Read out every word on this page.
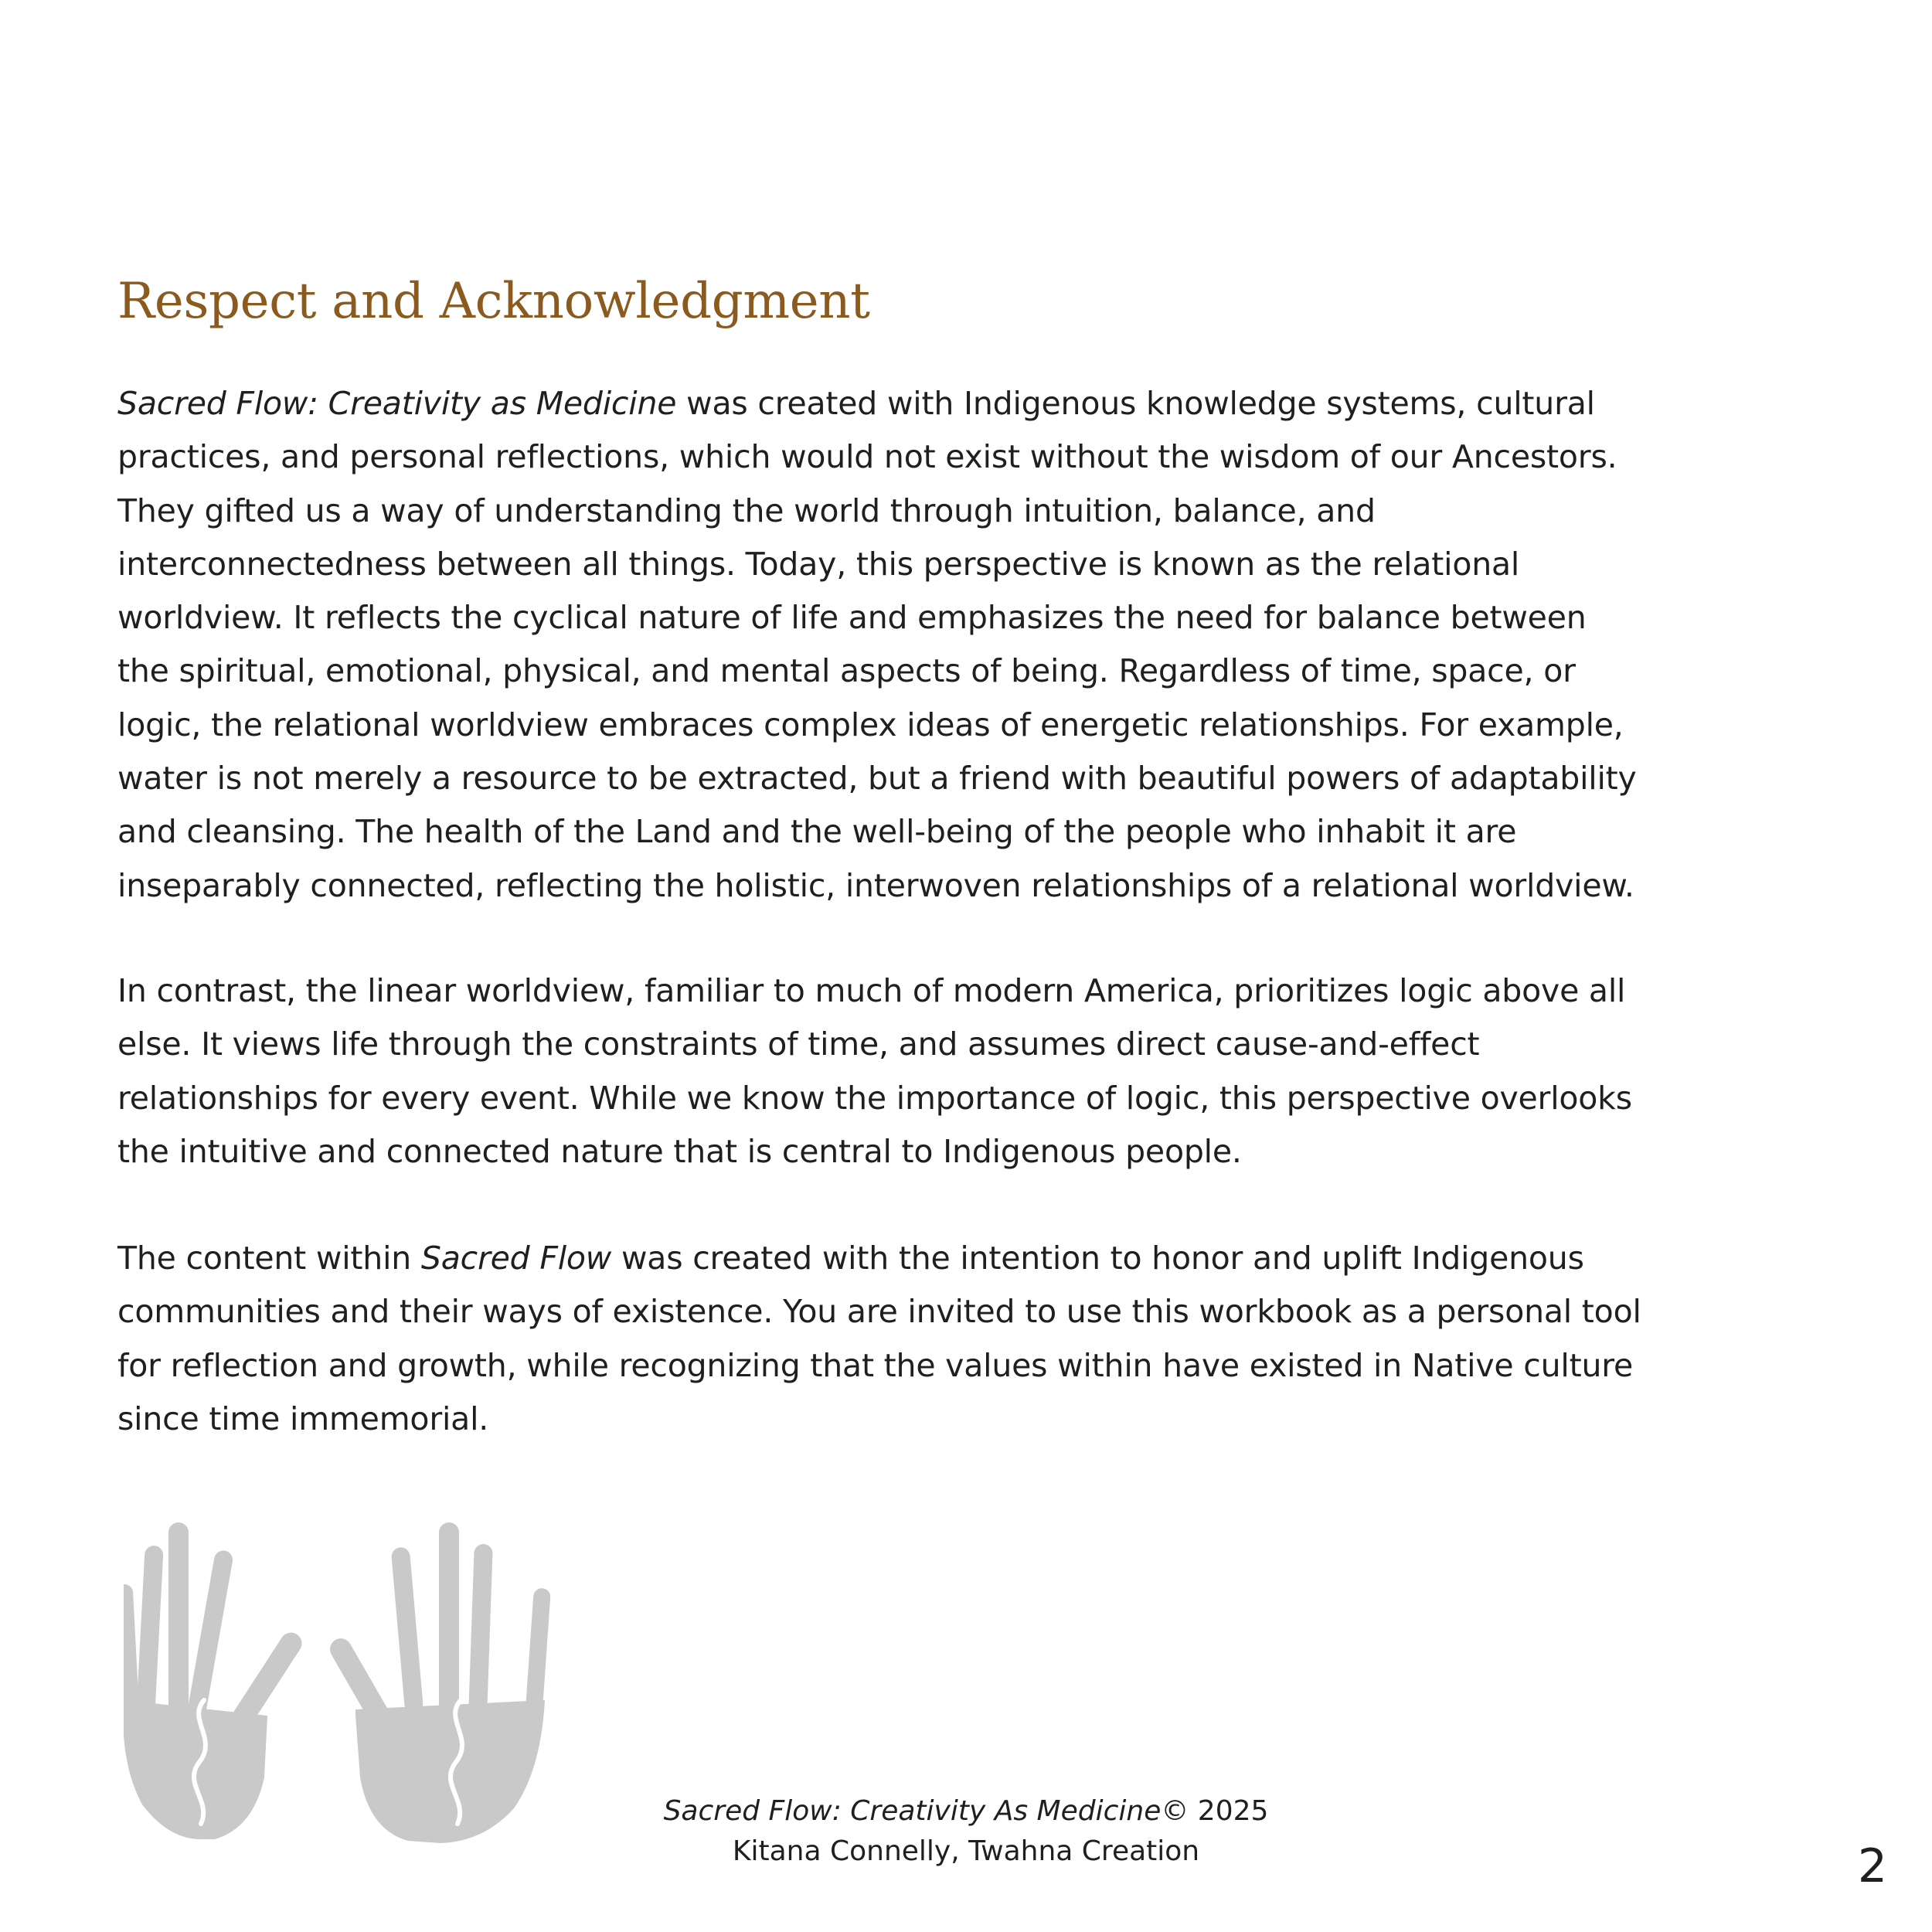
Respect and Acknowledgment

Sacred Flow: Creativity as Medicine was created with Indigenous knowledge systems, cultural
practices, and personal reflections, which would not exist without the wisdom of our Ancestors.
They gifted us a way of understanding the world through intuition, balance, and
interconnectedness between all things. Today, this perspective is known as the relational
worldview. It reflects the cyclical nature of life and emphasizes the need for balance between
the spiritual, emotional, physical, and mental aspects of being. Regardless of time, space, or
logic, the relational worldview embraces complex ideas of energetic relationships. For example,
water is not merely a resource to be extracted, but a friend with beautiful powers of adaptability
and cleansing. The health of the Land and the well-being of the people who inhabit it are
inseparably connected, reflecting the holistic, interwoven relationships of a relational worldview.

In contrast, the linear worldview, familiar to much of modern America, prioritizes logic above all
else. It views life through the constraints of time, and assumes direct cause-and-effect
relationships for every event. While we know the importance of logic, this perspective overlooks
the intuitive and connected nature that is central to Indigenous people.

The content within Sacred Flow was created with the intention to honor and uplift Indigenous
communities and their ways of existence. You are invited to use this workbook as a personal tool
for reflection and growth, while recognizing that the values within have existed in Native culture
since time immemorial.

Sacred Flow: Creativity As Medicine© 2025
Kitana Connelly, Twahna Creation	2
